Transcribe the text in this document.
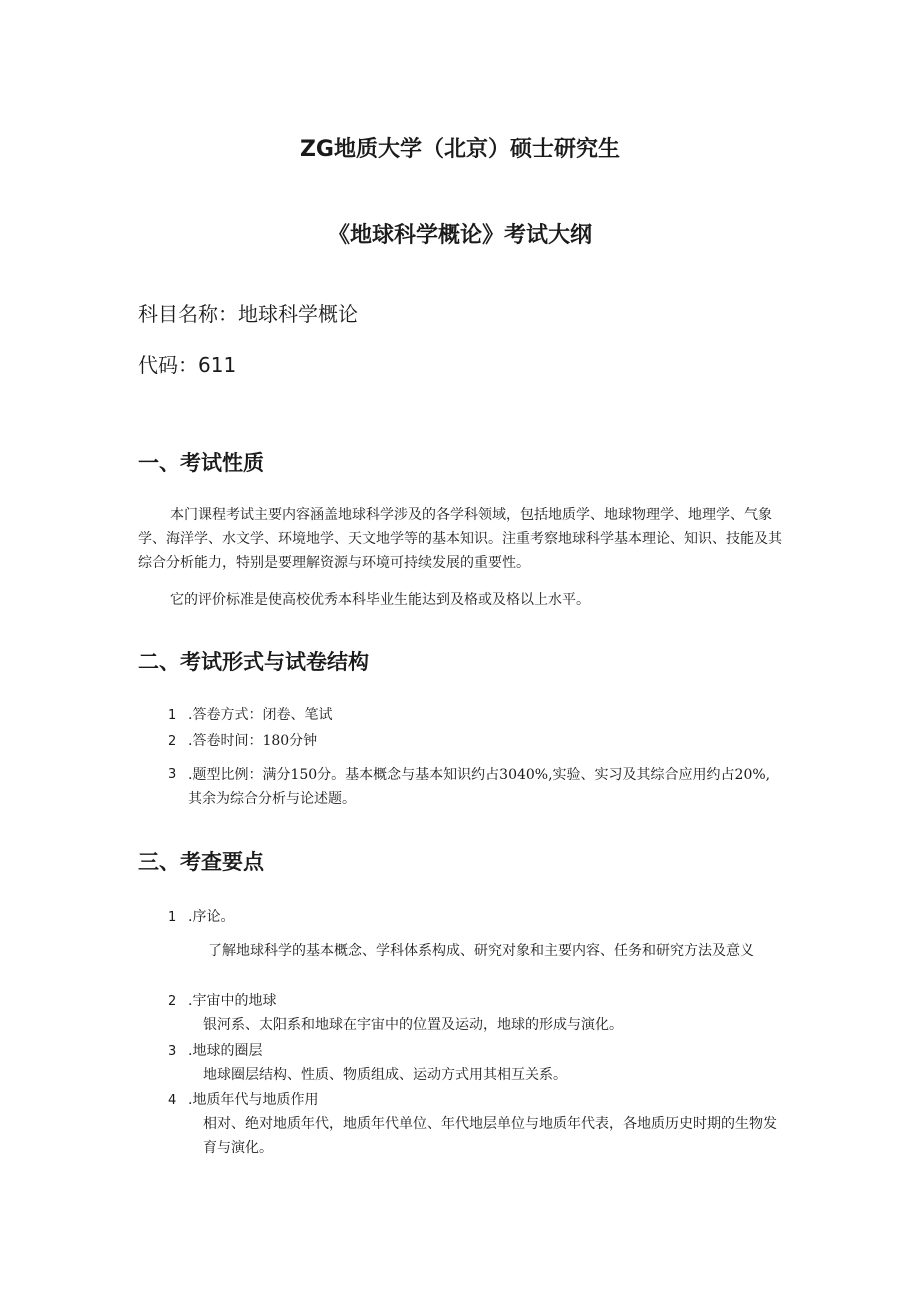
ZG地质大学（北京）硕士研究生
《地球科学概论》考试大纲
科目名称：地球科学概论
代码：611
一、考试性质
本门课程考试主要内容涵盖地球科学涉及的各学科领域，包括地质学、地球物理学、地理学、气象学、海洋学、水文学、环境地学、天文地学等的基本知识。注重考察地球科学基本理论、知识、技能及其综合分析能力，特别是要理解资源与环境可持续发展的重要性。
它的评价标准是使高校优秀本科毕业生能达到及格或及格以上水平。
二、考试形式与试卷结构
1 .答卷方式：闭卷、笔试
2 .答卷时间：180分钟
3 .题型比例：满分150分。基本概念与基本知识约占3040%,实验、实习及其综合应用约占20%,其余为综合分析与论述题。
三、考查要点
1 .序论。
了解地球科学的基本概念、学科体系构成、研究对象和主要内容、任务和研究方法及意义
2 .宇宙中的地球
银河系、太阳系和地球在宇宙中的位置及运动，地球的形成与演化。
3 .地球的圈层
地球圈层结构、性质、物质组成、运动方式用其相互关系。
4 .地质年代与地质作用
相对、绝对地质年代，地质年代单位、年代地层单位与地质年代表，各地质历史时期的生物发育与演化。
